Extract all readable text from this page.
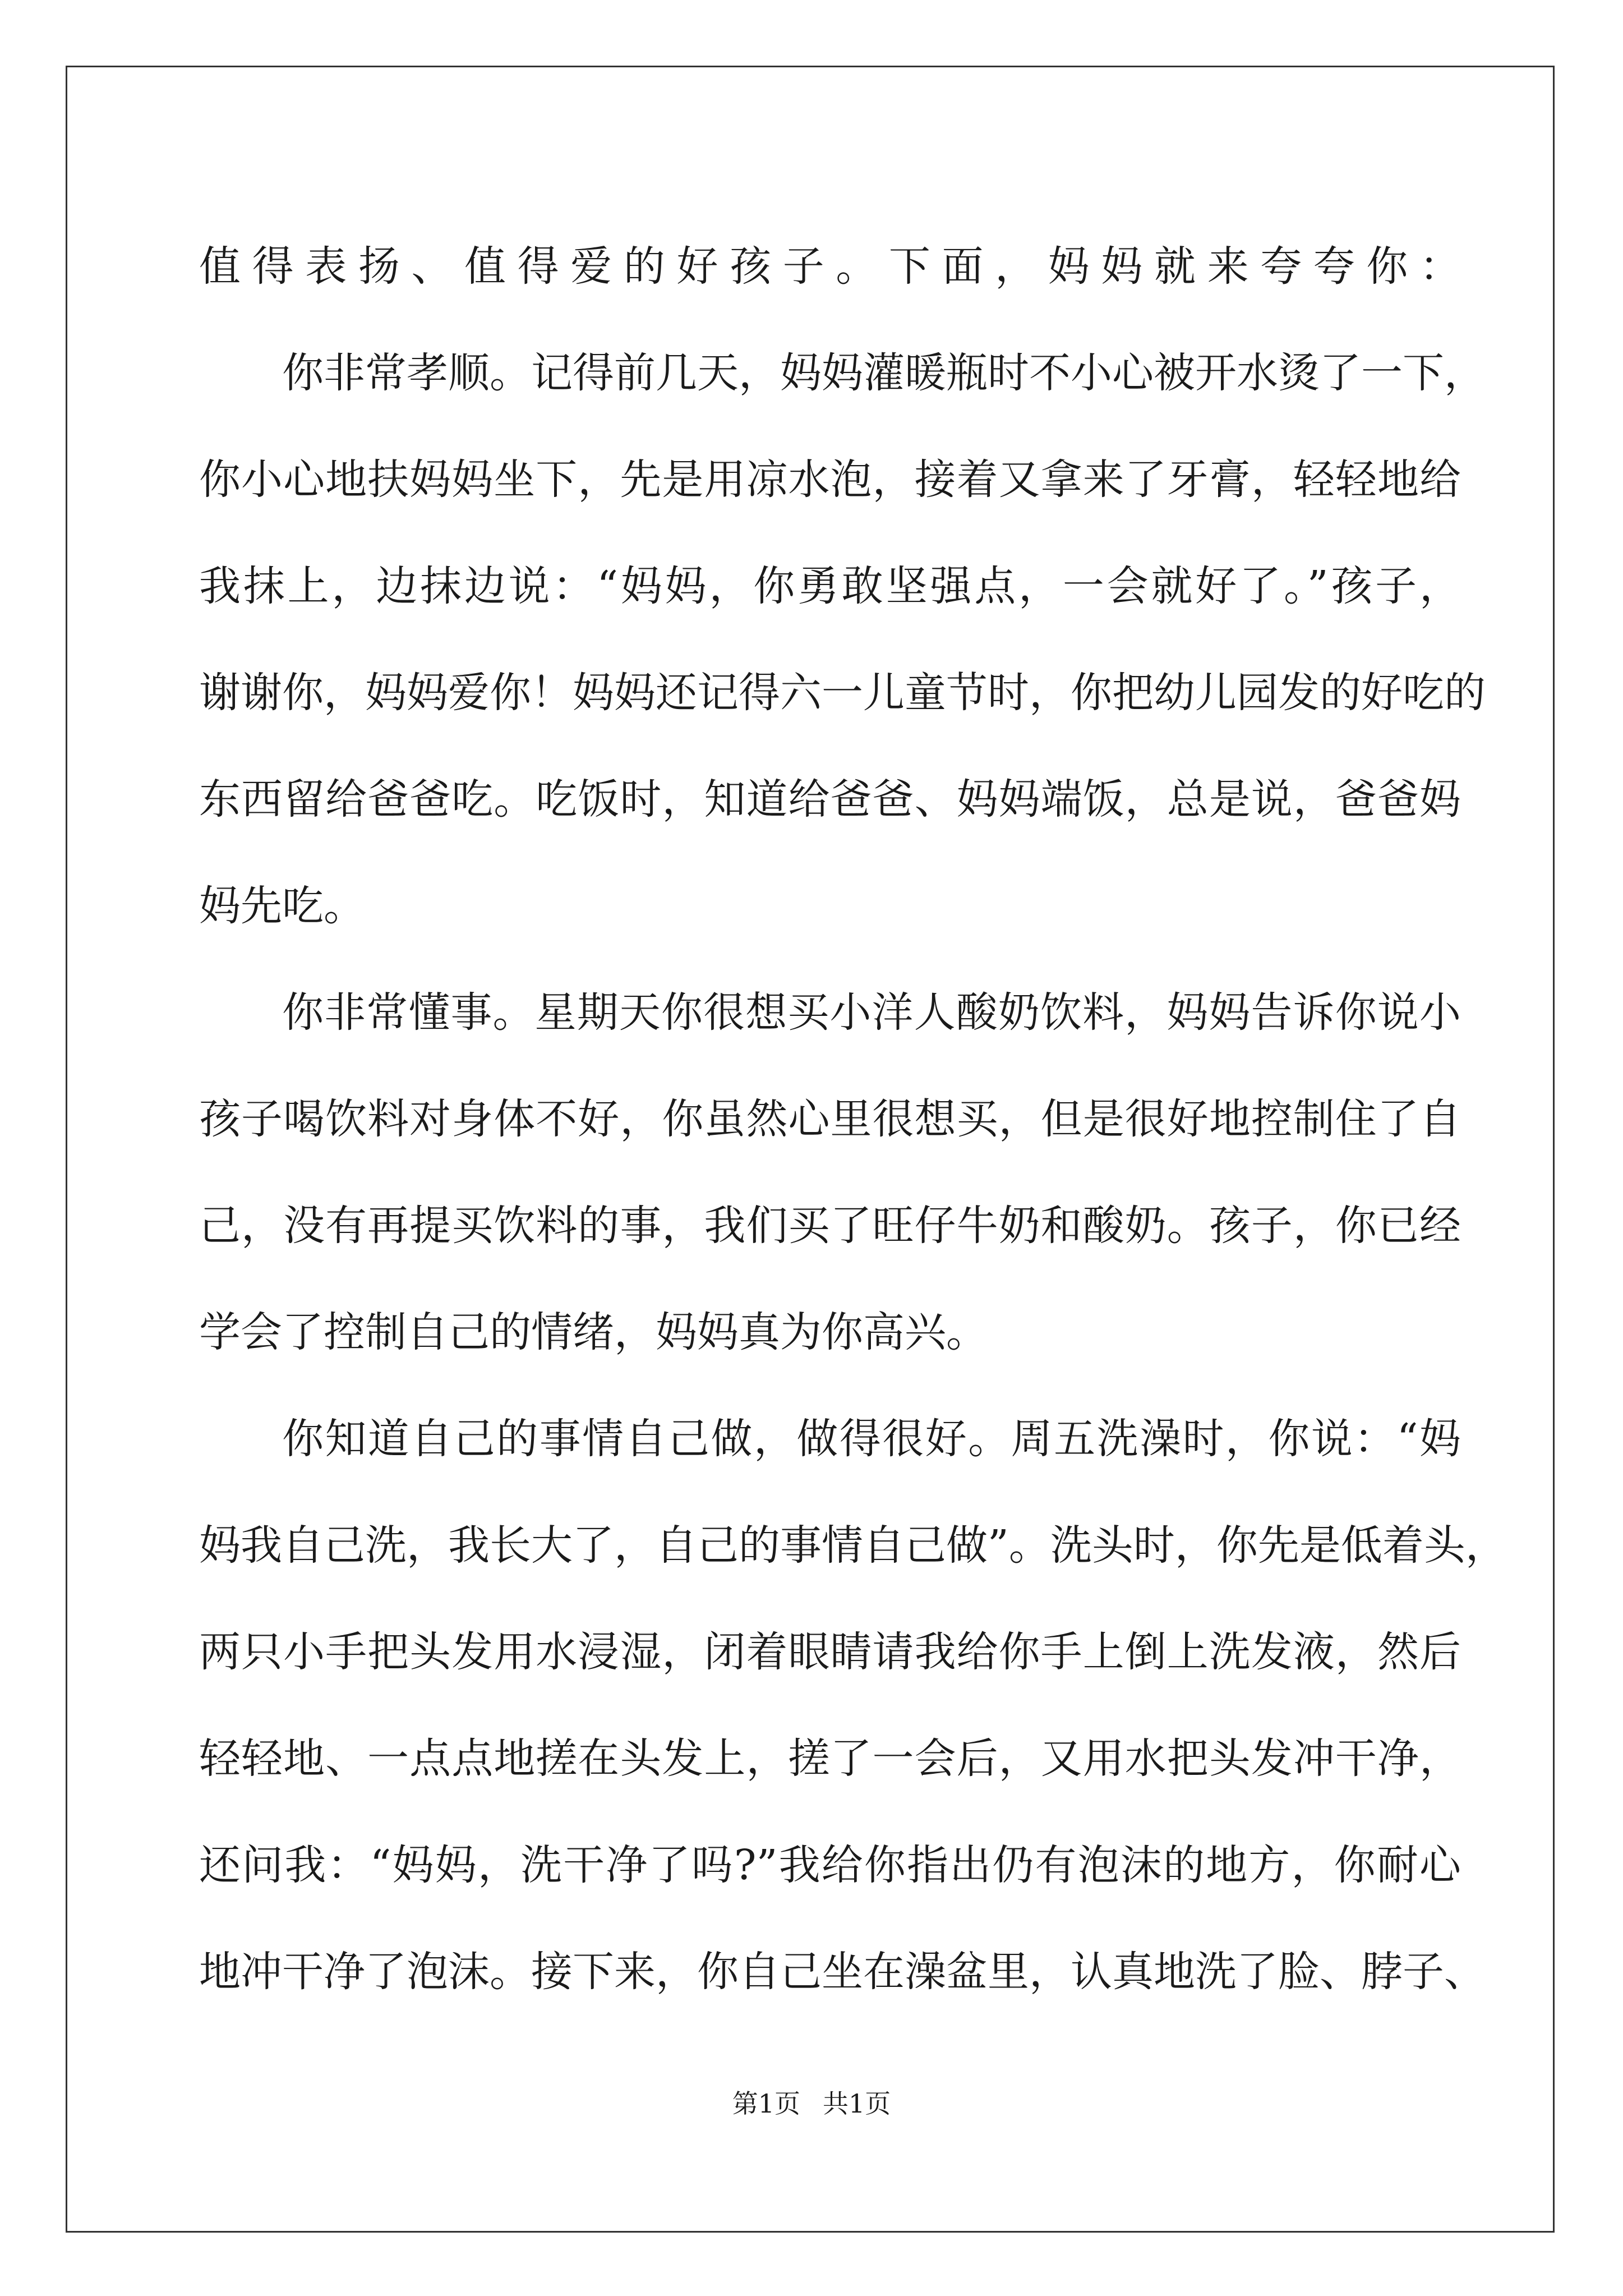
值得表扬、值得爱的好孩子。下面，妈妈就来夸夸你：
你非常孝顺。记得前几天，妈妈灌暖瓶时不小心被开水烫了一下，
你小心地扶妈妈坐下，先是用凉水泡，接着又拿来了牙膏，轻轻地给
我抹上，边抹边说：“妈妈，你勇敢坚强点，一会就好了。”孩子，
谢谢你，妈妈爱你！妈妈还记得六一儿童节时，你把幼儿园发的好吃的
东西留给爸爸吃。吃饭时，知道给爸爸、妈妈端饭，总是说，爸爸妈
妈先吃。
你非常懂事。星期天你很想买小洋人酸奶饮料，妈妈告诉你说小
孩子喝饮料对身体不好，你虽然心里很想买，但是很好地控制住了自
己，没有再提买饮料的事，我们买了旺仔牛奶和酸奶。孩子，你已经
学会了控制自己的情绪，妈妈真为你高兴。
你知道自己的事情自己做，做得很好。周五洗澡时，你说：“妈
妈我自己洗，我长大了，自己的事情自己做”。洗头时，你先是低着头，
两只小手把头发用水浸湿，闭着眼睛请我给你手上倒上洗发液，然后
轻轻地、一点点地搓在头发上，搓了一会后，又用水把头发冲干净，
还问我：“妈妈，洗干净了吗?”我给你指出仍有泡沫的地方，你耐心
地冲干净了泡沫。接下来，你自己坐在澡盆里，认真地洗了脸、脖子、
第1页 共1页
